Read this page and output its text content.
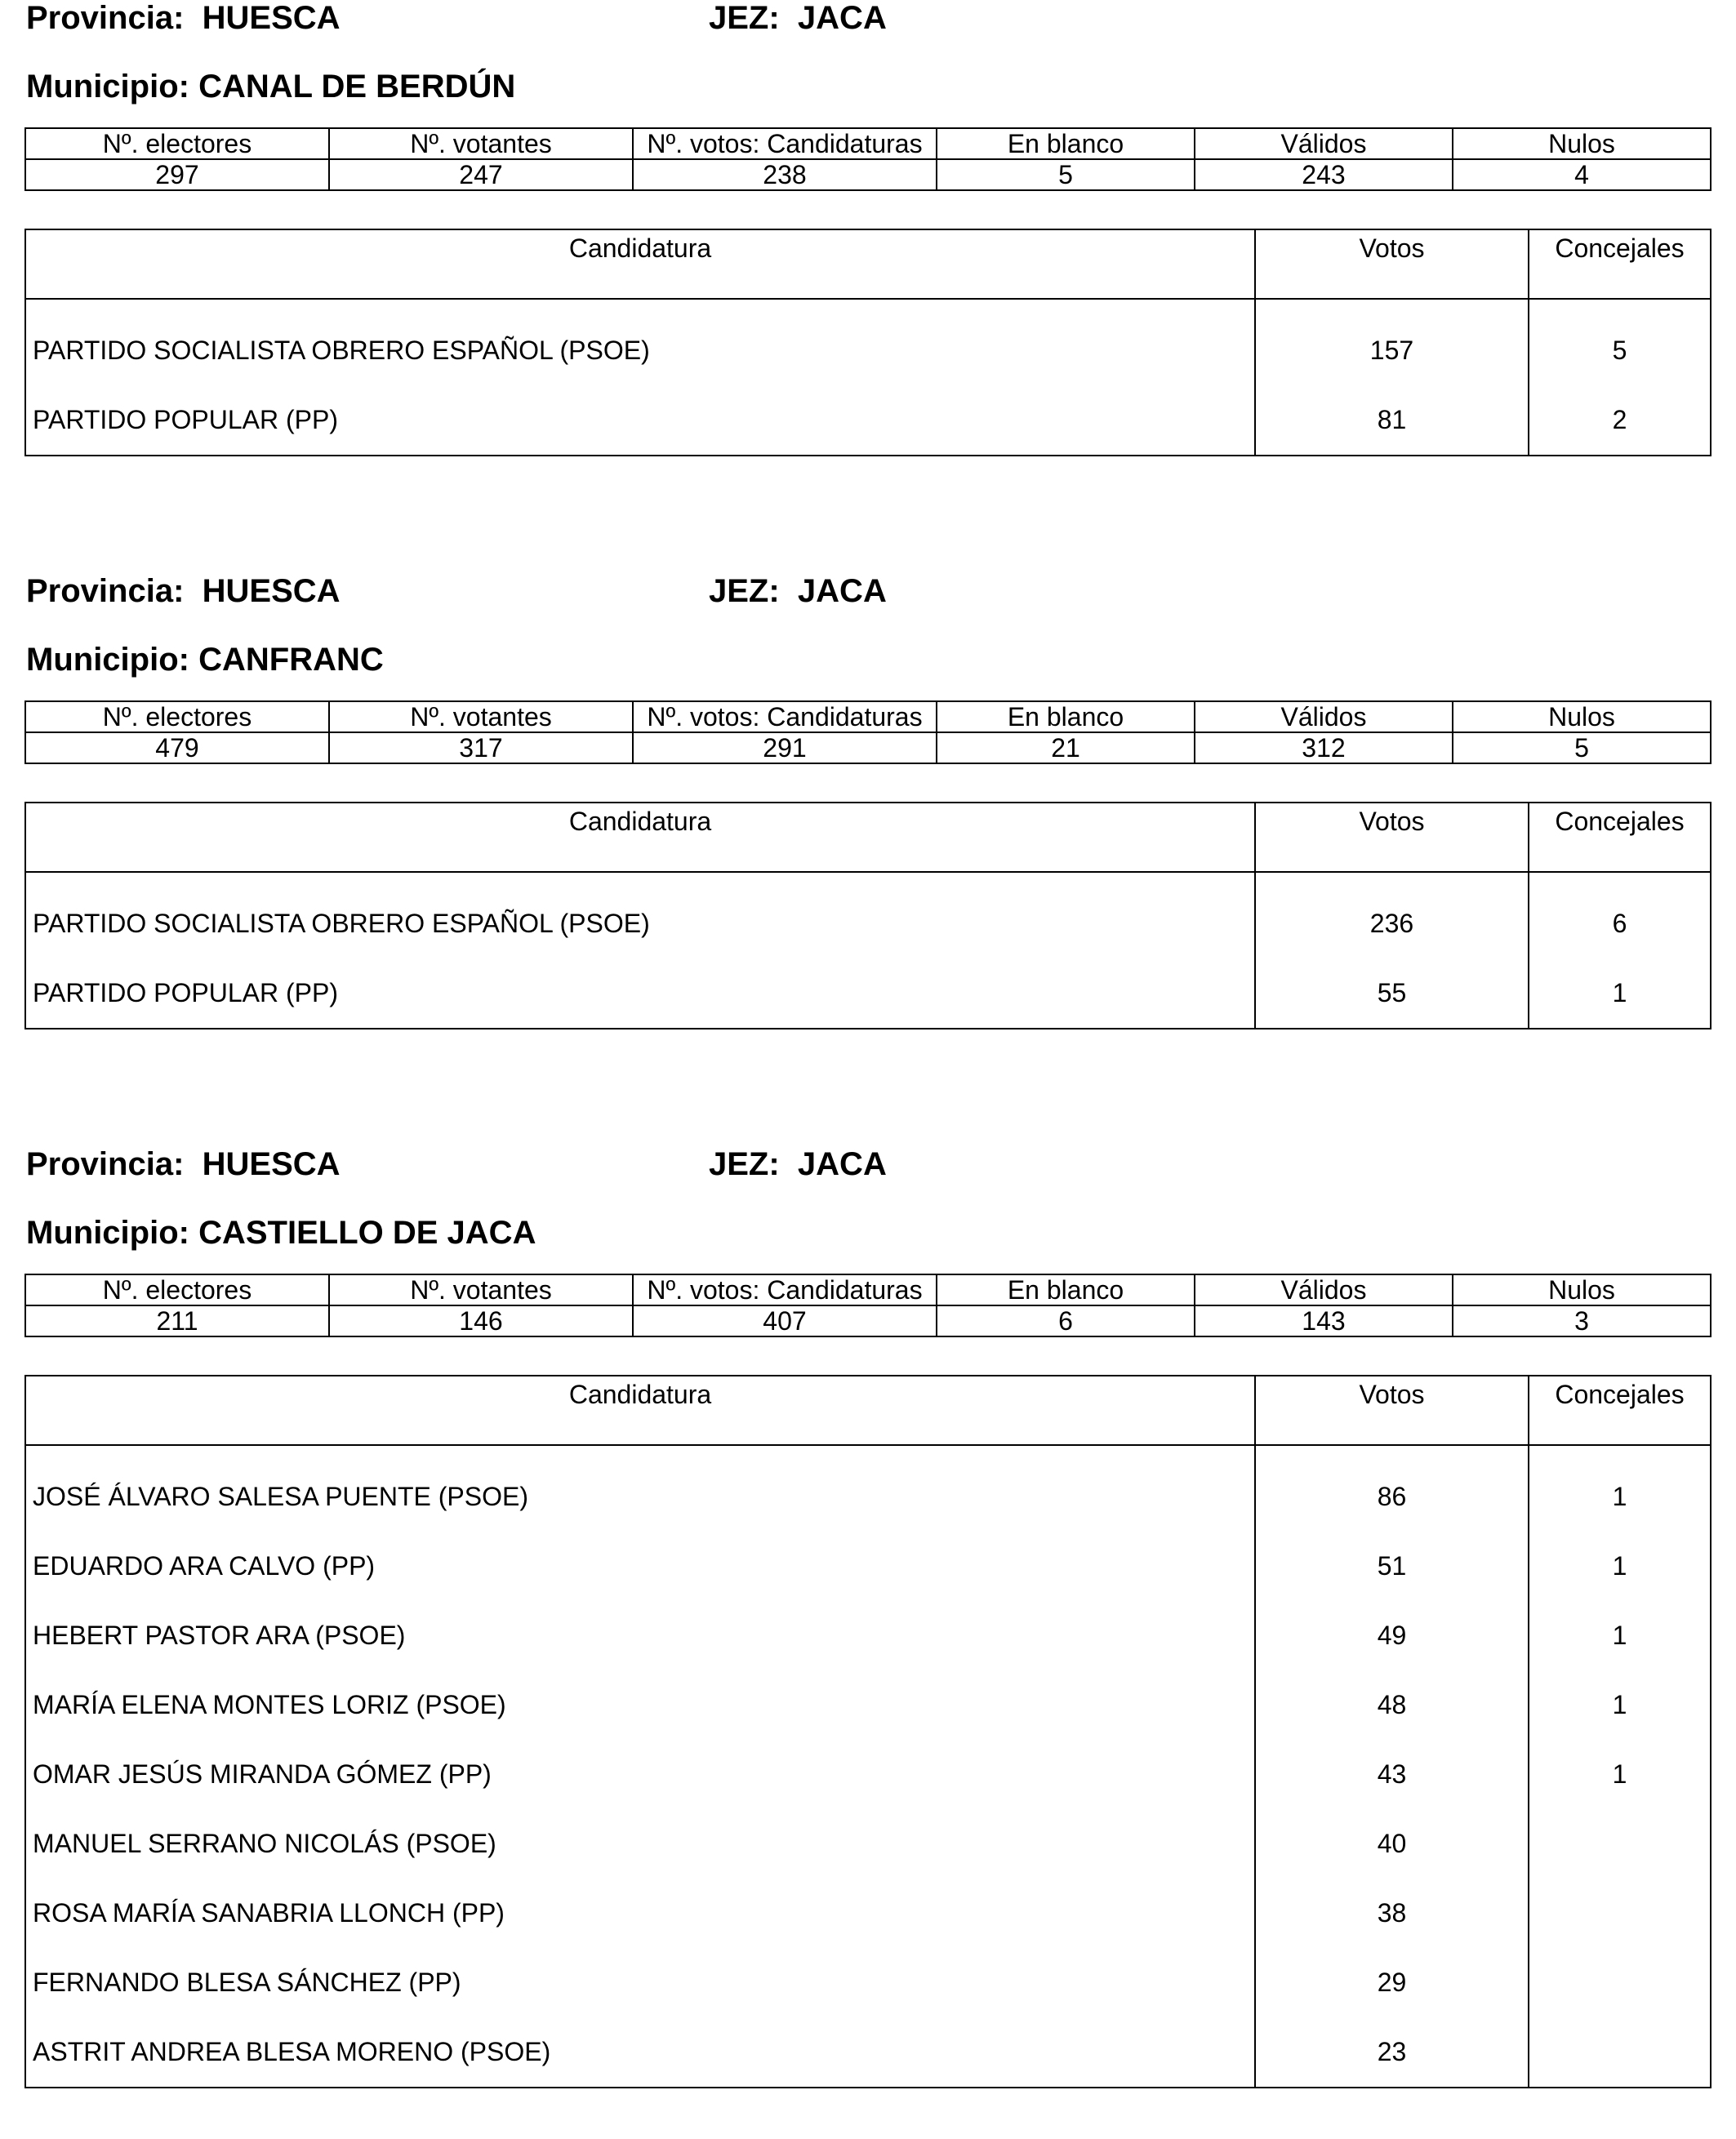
Provincia: HUESCA	JEZ: JACA
Municipio: CANAL DE BERDÚN
Nº. electores	Nº. votantes	Nº. votos: Candidaturas	En blanco	Válidos	Nulos
297	247	238	5	243	4
Candidatura	Votos	Concejales
PARTIDO SOCIALISTA OBRERO ESPAÑOL (PSOE)	157	5
PARTIDO POPULAR (PP)	81	2
Provincia: HUESCA	JEZ: JACA
Municipio: CANFRANC
Nº. electores	Nº. votantes	Nº. votos: Candidaturas	En blanco	Válidos	Nulos
479	317	291	21	312	5
Candidatura	Votos	Concejales
PARTIDO SOCIALISTA OBRERO ESPAÑOL (PSOE)	236	6
PARTIDO POPULAR (PP)	55	1
Provincia: HUESCA	JEZ: JACA
Municipio: CASTIELLO DE JACA
Nº. electores	Nº. votantes	Nº. votos: Candidaturas	En blanco	Válidos	Nulos
211	146	407	6	143	3
Candidatura	Votos	Concejales
JOSÉ ÁLVARO SALESA PUENTE (PSOE)	86	1
EDUARDO ARA CALVO (PP)	51	1
HEBERT PASTOR ARA (PSOE)	49	1
MARÍA ELENA MONTES LORIZ (PSOE)	48	1
OMAR JESÚS MIRANDA GÓMEZ (PP)	43	1
MANUEL SERRANO NICOLÁS (PSOE)	40	
ROSA MARÍA SANABRIA LLONCH (PP)	38	
FERNANDO BLESA SÁNCHEZ (PP)	29	
ASTRIT ANDREA BLESA MORENO (PSOE)	23	
